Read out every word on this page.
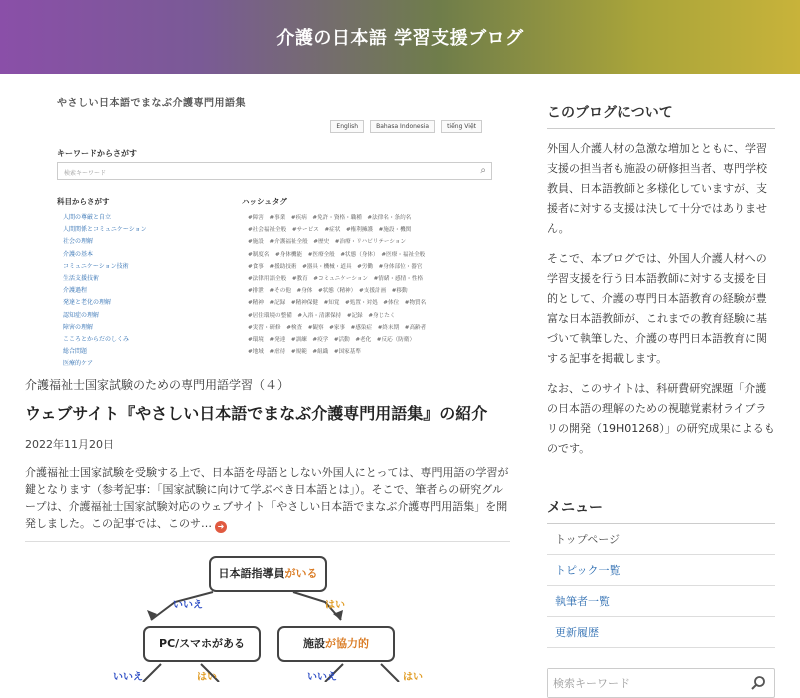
介護の日本語 学習支援ブログ
やさしい日本語でまなぶ介護専門用語集
English	Bahasa Indonesia	tiếng Việt
キーワードからさがす
検索キーワード	⌕
科目からさがす
人間の尊厳と自立
人間関係とコミュニケーション
社会の理解
介護の基本
コミュニケーション技術
生活支援技術
介護過程
発達と老化の理解
認知症の理解
障害の理解
こころとからだのしくみ
総合問題
医療的ケア
ハッシュタグ
#障害　#事業　#疾病　#免許・資格・職種　#法律名・条約名
#社会福祉全般　#サービス　#症状　#権利擁護　#施設・機関
#施設　#介護福祉全般　#歴史　#治療・リハビリテーション
#制度名　#身体機能　#医療全般　#状態（身体）　#医療・福祉全般
#食事　#援助技術　#器具・機械・道具　#労働　#身体部位・器官
#法律用語全般　#教育　#コミュニケーション　#情緒・感情・性格
#排泄　#その他　#身体　#状態（精神）　#支援計画　#移動
#精神　#記録　#精神保健　#知覚　#処置・対処　#体位　#物質名
#居住環境の整備　#入浴・清潔保持　#記録　#身じたく
#実習・研修　#検査　#観察　#家事　#感染症　#終末期　#高齢者
#環境　#発達　#訓練　#疫学　#活動　#老化　#反応（防衛）
#地域　#虐待　#規範　#組織　#国家基準
介護福祉士国家試験のための専門用語学習（４）
ウェブサイト『やさしい日本語でまなぶ介護専門用語集』の紹介
2022年11月20日
介護福祉士国家試験を受験する上で、日本語を母語としない外国人にとっては、専門用語の学習が鍵となります（参考記事：「国家試験に向けて学ぶべき日本語とは」）。そこで、筆者らの研究グループは、介護福祉士国家試験対応のウェブサイト「やさしい日本語でまなぶ介護専門用語集」を開発しました。この記事では、このサ… ➜
日本語指導員がいる
いいえ	はい
PC/スマホがある	施設が協力的
いいえ	はい	いいえ	はい
このブログについて

外国人介護人材の急激な増加とともに、学習支援の担当者も施設の研修担当者、専門学校教員、日本語教師と多様化していますが、支援者に対する支援は決して十分ではありません。

そこで、本ブログでは、外国人介護人材への学習支援を行う日本語教師に対する支援を目的として、介護の専門日本語教育の経験が豊富な日本語教師が、これまでの教育経験に基づいて執筆した、介護の専門日本語教育に関する記事を掲載します。

なお、このサイトは、科研費研究課題「介護の日本語の理解のための視聴覚素材ライブラリの開発（19H01268）」の研究成果によるものです。

メニュー
トップページ
トピック一覧
執筆者一覧
更新履歴
検索キーワード
